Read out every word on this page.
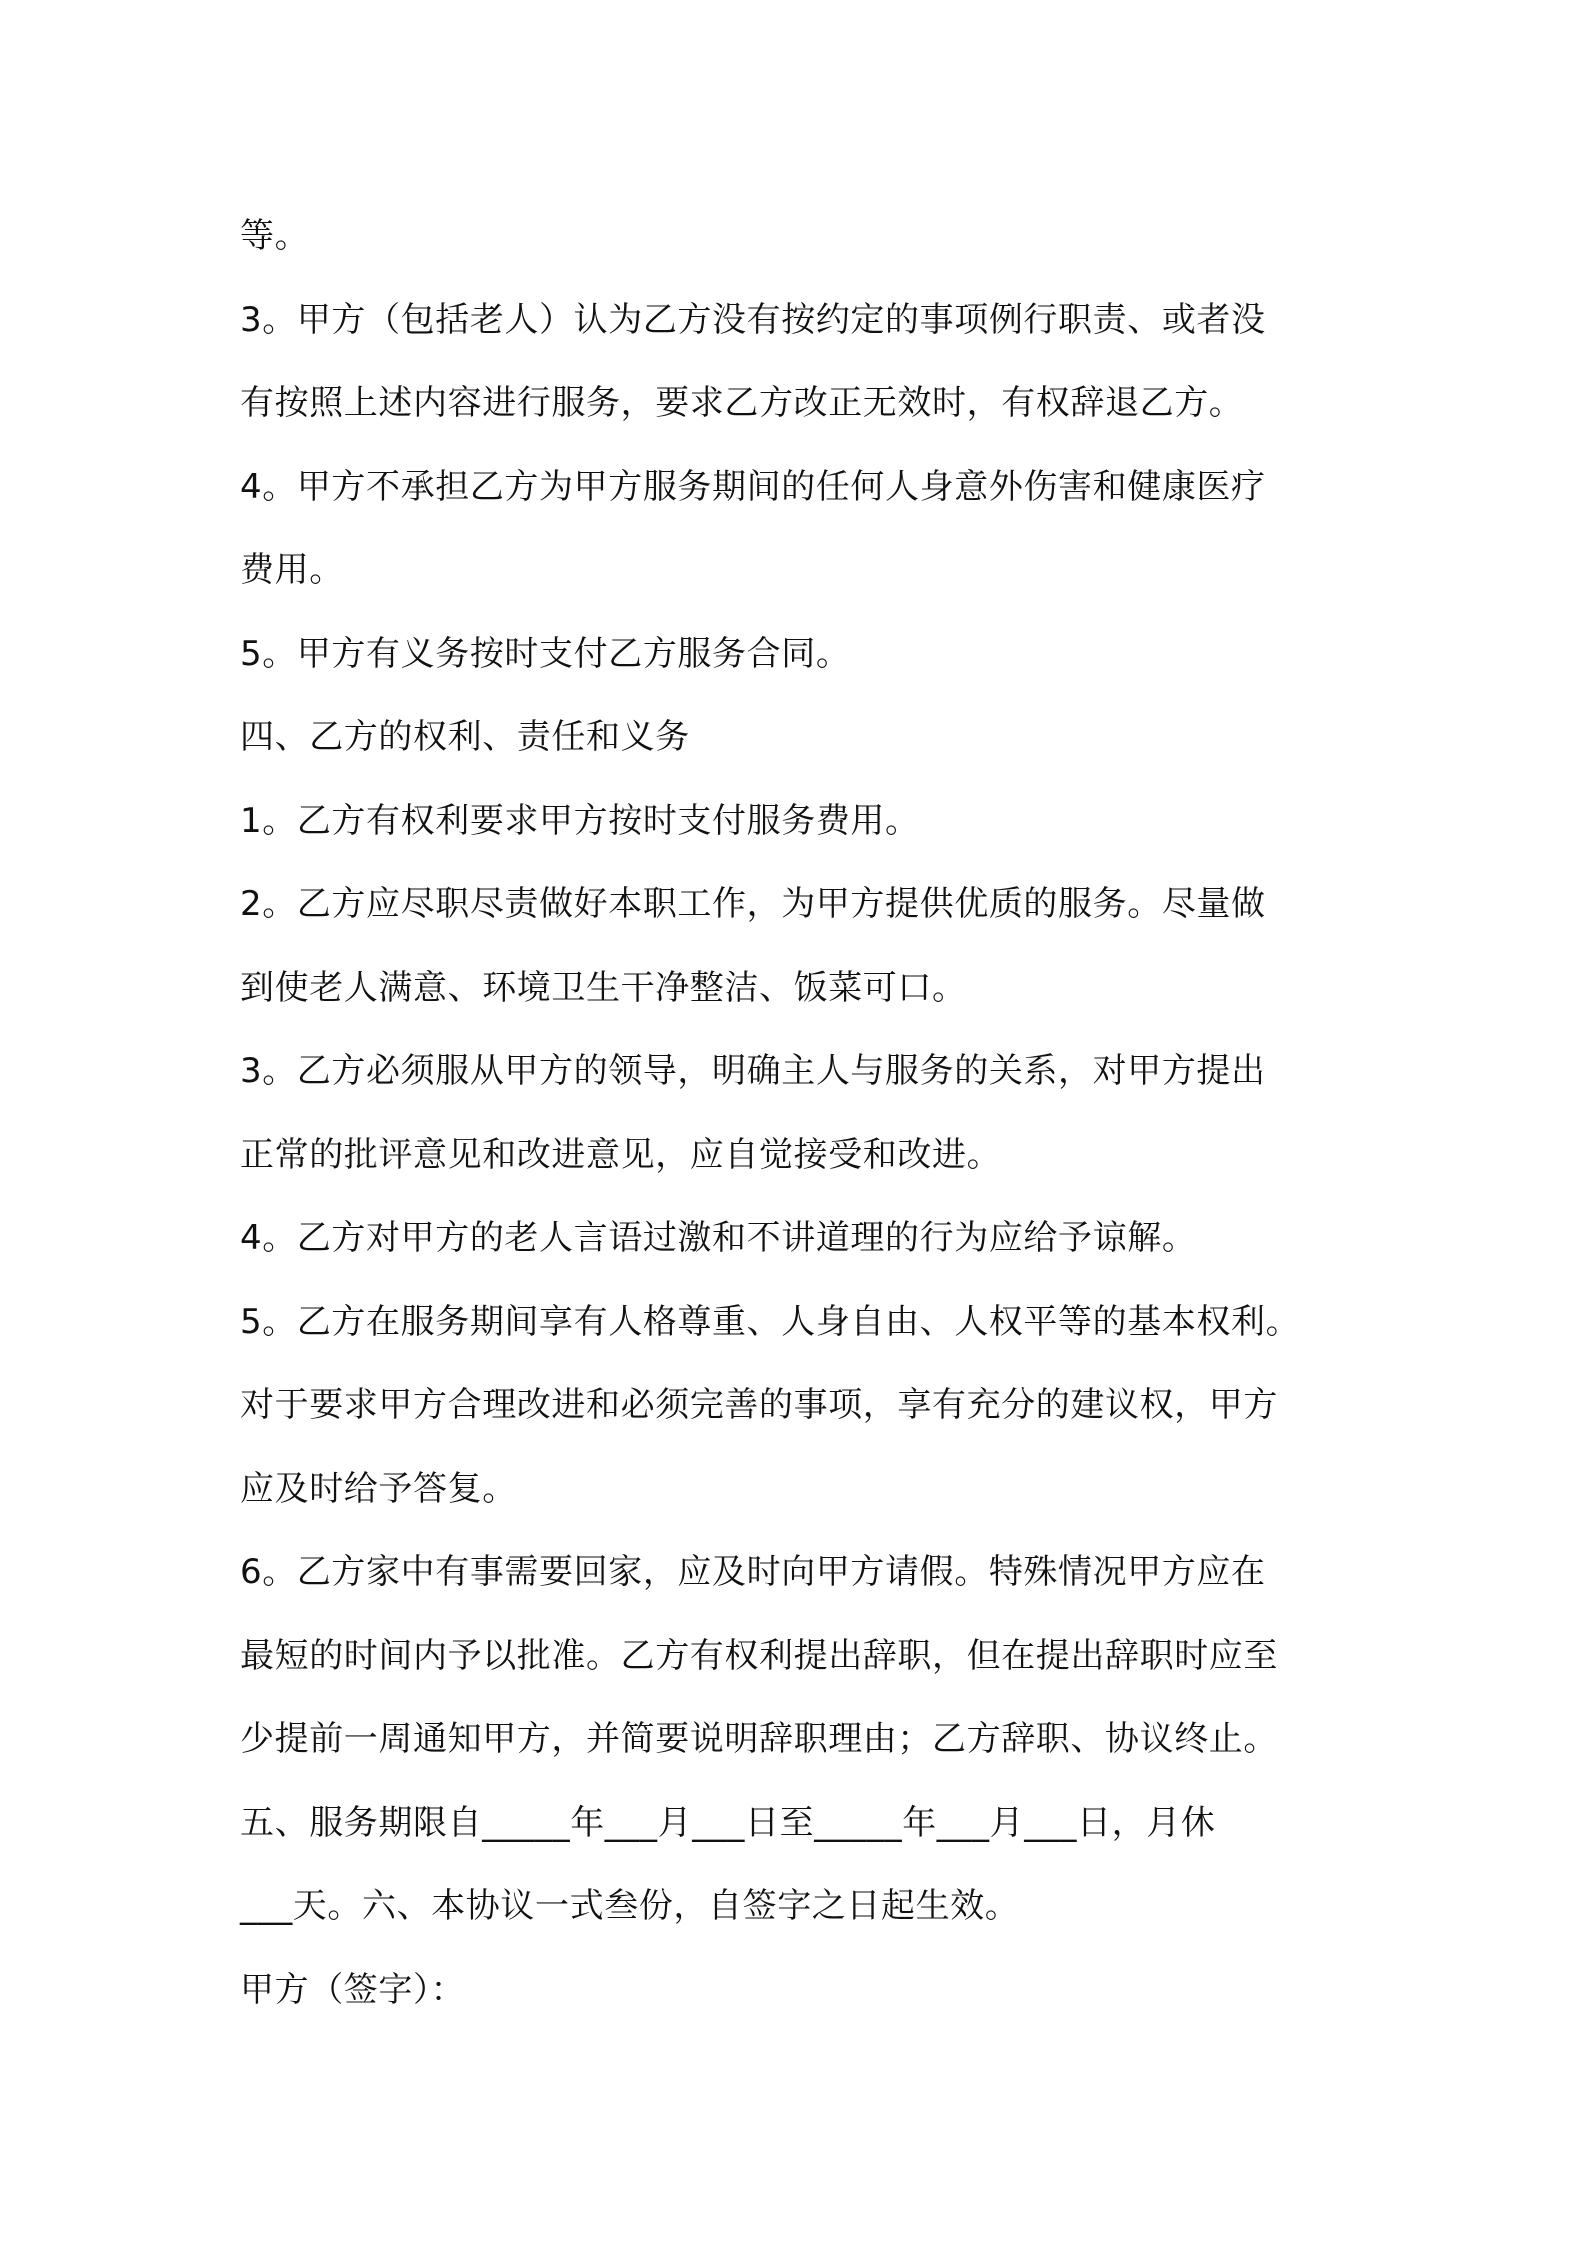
等。
3。甲方（包括老人）认为乙方没有按约定的事项例行职责、或者没
有按照上述内容进行服务，要求乙方改正无效时，有权辞退乙方。
4。甲方不承担乙方为甲方服务期间的任何人身意外伤害和健康医疗
费用。
5。甲方有义务按时支付乙方服务合同。
四、乙方的权利、责任和义务
1。乙方有权利要求甲方按时支付服务费用。
2。乙方应尽职尽责做好本职工作，为甲方提供优质的服务。尽量做
到使老人满意、环境卫生干净整洁、饭菜可口。
3。乙方必须服从甲方的领导，明确主人与服务的关系，对甲方提出
正常的批评意见和改进意见，应自觉接受和改进。
4。乙方对甲方的老人言语过激和不讲道理的行为应给予谅解。
5。乙方在服务期间享有人格尊重、人身自由、人权平等的基本权利。
对于要求甲方合理改进和必须完善的事项，享有充分的建议权，甲方
应及时给予答复。
6。乙方家中有事需要回家，应及时向甲方请假。特殊情况甲方应在
最短的时间内予以批准。乙方有权利提出辞职，但在提出辞职时应至
少提前一周通知甲方，并简要说明辞职理由；乙方辞职、协议终止。
五、服务期限自_____年___月___日至_____年___月___日，月休
___天。六、本协议一式叁份，自签字之日起生效。
甲方（签字）：
